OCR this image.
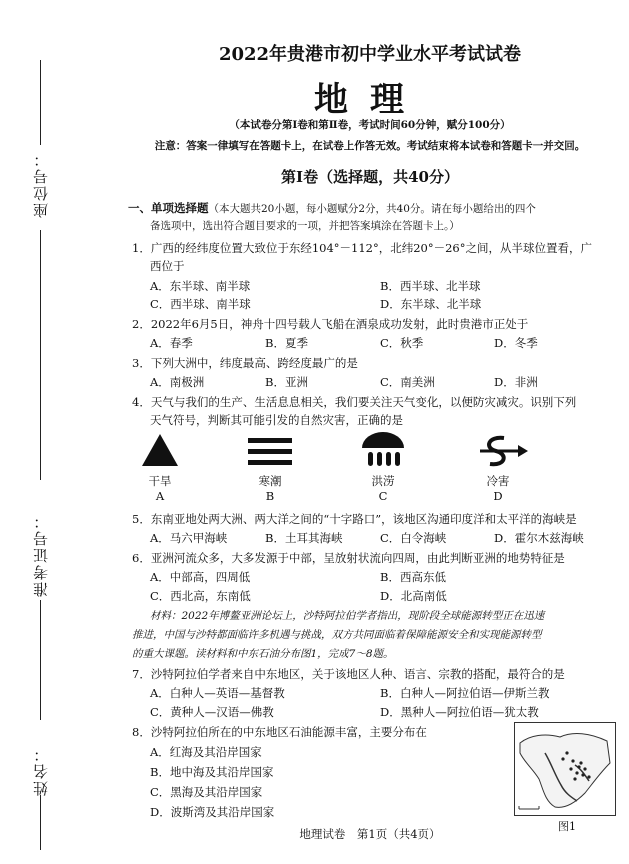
座位号：
准考证号：
姓名：
2022年贵港市初中学业水平考试试卷
地理
（本试卷分第Ⅰ卷和第Ⅱ卷，考试时间60分钟，赋分100分）
注意：答案一律填写在答题卡上，在试卷上作答无效。考试结束将本试卷和答题卡一并交回。
第Ⅰ卷（选择题，共40分）
一、单项选择题（本大题共20小题，每小题赋分2分，共40分。请在每小题给出的四个
备选项中，选出符合题目要求的一项，并把答案填涂在答题卡上。）
1．广西的经纬度位置大致位于东经104°－112°，北纬20°－26°之间，从半球位置看，广
西位于
A．东半球、南半球	B．西半球、北半球
C．西半球、南半球	D．东半球、北半球
2．2022年6月5日，神舟十四号载人飞船在酒泉成功发射，此时贵港市正处于
A．春季	B．夏季	C．秋季	D．冬季
3．下列大洲中，纬度最高、跨经度最广的是
A．南极洲	B．亚洲	C．南美洲	D．非洲
4．天气与我们的生产、生活息息相关，我们要关注天气变化，以便防灾减灾。识别下列
天气符号，判断其可能引发的自然灾害，正确的是
干旱	寒潮	洪涝	冷害
A	B	C	D
5．东南亚地处两大洲、两大洋之间的“十字路口”，该地区沟通印度洋和太平洋的海峡是
A．马六甲海峡	B．土耳其海峡	C．白令海峡	D．霍尔木兹海峡
6．亚洲河流众多，大多发源于中部，呈放射状流向四周，由此判断亚洲的地势特征是
A．中部高，四周低	B．西高东低
C．西北高，东南低	D．北高南低
材料：2022年博鳌亚洲论坛上，沙特阿拉伯学者指出，现阶段全球能源转型正在迅速
推进，中国与沙特都面临许多机遇与挑战，双方共同面临着保障能源安全和实现能源转型
的重大课题。读材料和中东石油分布图1，完成7～8题。
7．沙特阿拉伯学者来自中东地区，关于该地区人种、语言、宗教的搭配，最符合的是
A．白种人—英语—基督教	B．白种人—阿拉伯语—伊斯兰教
C．黄种人—汉语—佛教	D．黑种人—阿拉伯语—犹太教
8．沙特阿拉伯所在的中东地区石油能源丰富，主要分布在
A．红海及其沿岸国家
B．地中海及其沿岸国家
C．黑海及其沿岸国家
D．波斯湾及其沿岸国家
图1
地理试卷　第1页（共4页）
